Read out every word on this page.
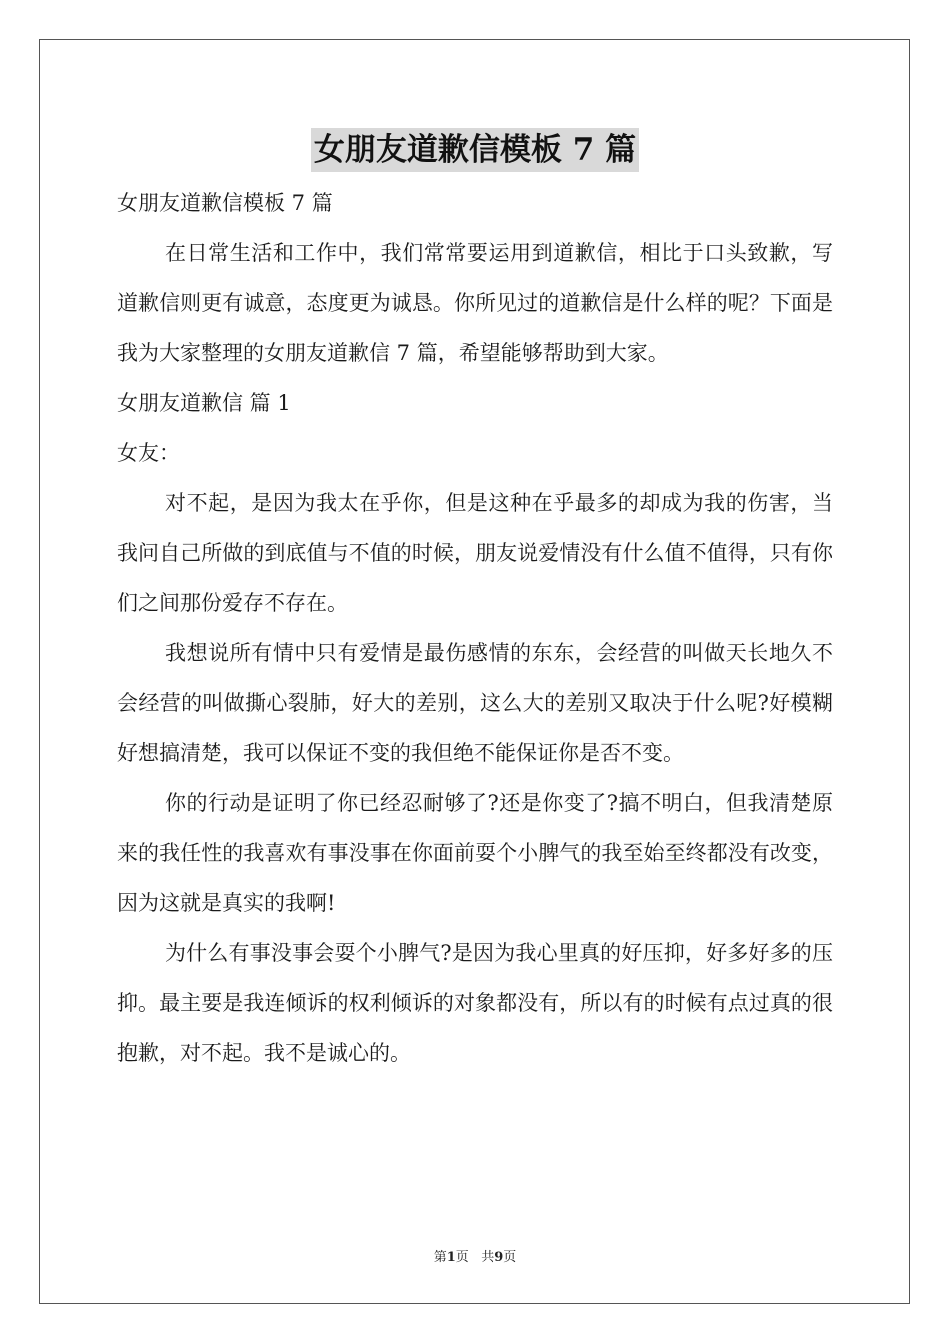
女朋友道歉信模板 7 篇

女朋友道歉信模板 7 篇

在日常生活和工作中，我们常常要运用到道歉信，相比于口头致歉，写道歉信则更有诚意，态度更为诚恳。你所见过的道歉信是什么样的呢？下面是我为大家整理的女朋友道歉信 7 篇，希望能够帮助到大家。

女朋友道歉信 篇 1

女友：

对不起，是因为我太在乎你，但是这种在乎最多的却成为我的伤害，当我问自己所做的到底值与不值的时候，朋友说爱情没有什么值不值得，只有你们之间那份爱存不存在。

我想说所有情中只有爱情是最伤感情的东东，会经营的叫做天长地久不会经营的叫做撕心裂肺，好大的差别，这么大的差别又取决于什么呢?好模糊好想搞清楚，我可以保证不变的我但绝不能保证你是否不变。

你的行动是证明了你已经忍耐够了?还是你变了?搞不明白，但我清楚原来的我任性的我喜欢有事没事在你面前耍个小脾气的我至始至终都没有改变，因为这就是真实的我啊!

为什么有事没事会耍个小脾气?是因为我心里真的好压抑，好多好多的压抑。最主要是我连倾诉的权利倾诉的对象都没有，所以有的时候有点过真的很抱歉，对不起。我不是诚心的。

第1页 共9页
